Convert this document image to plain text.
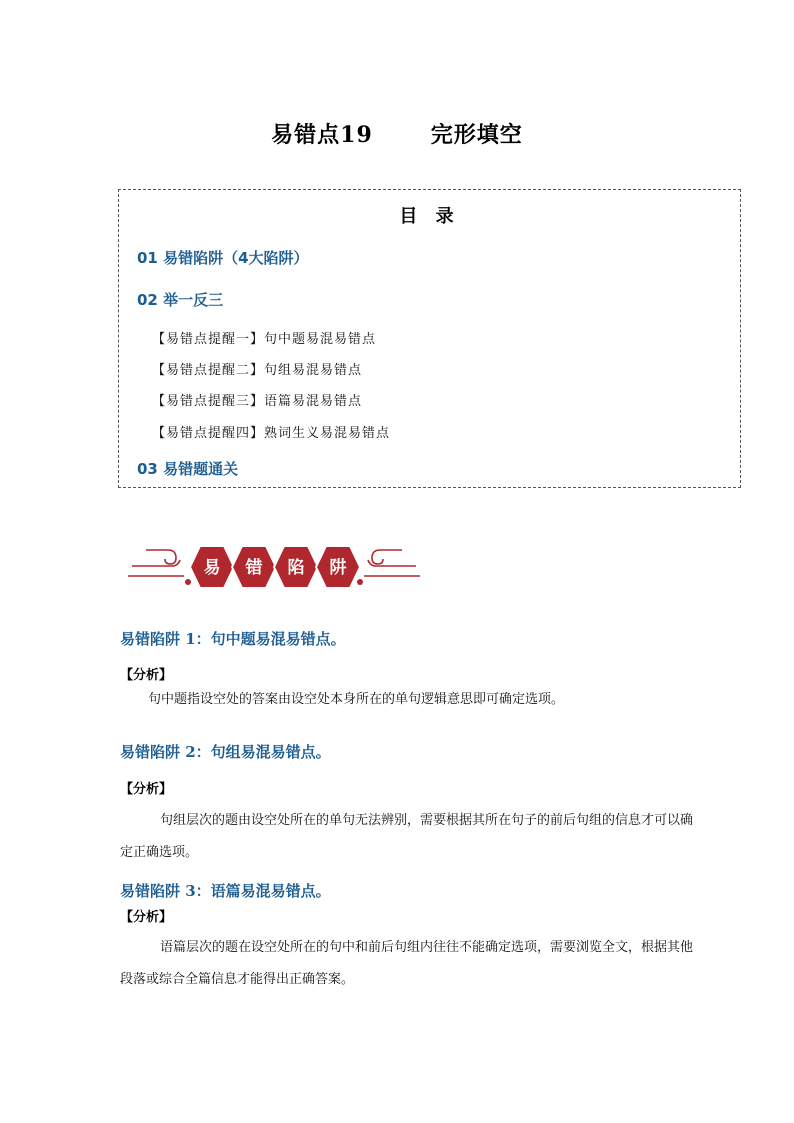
易错点19	完形填空
目 录
01 易错陷阱（4大陷阱）
02 举一反三
【易错点提醒一】句中题易混易错点
【易错点提醒二】句组易混易错点
【易错点提醒三】语篇易混易错点
【易错点提醒四】熟词生义易混易错点
03 易错题通关
易 错 陷 阱
易错陷阱 1：句中题易混易错点。
【分析】
句中题指设空处的答案由设空处本身所在的单句逻辑意思即可确定选项。
易错陷阱 2：句组易混易错点。
【分析】
句组层次的题由设空处所在的单句无法辨别，需要根据其所在句子的前后句组的信息才可以确定正确选项。
易错陷阱 3：语篇易混易错点。
【分析】
语篇层次的题在设空处所在的句中和前后句组内往往不能确定选项，需要浏览全文，根据其他段落或综合全篇信息才能得出正确答案。
